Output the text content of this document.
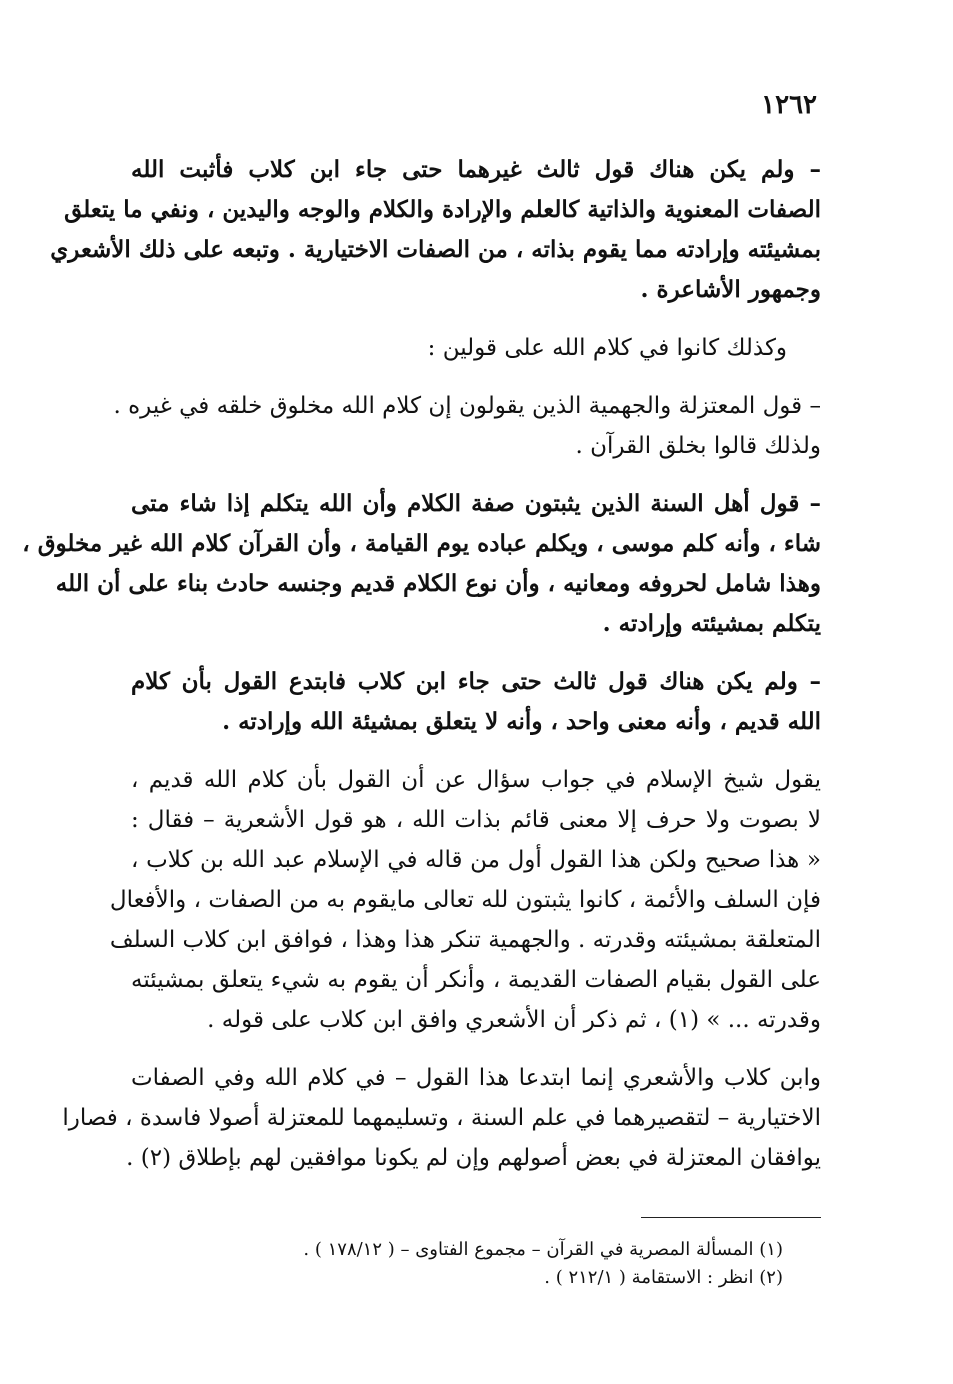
١٢٦٢
– ولم يكن هناك قول ثالث غيرهما حتى جاء ابن كلاب فأثبت الله
الصفات المعنوية والذاتية كالعلم والإرادة والكلام والوجه واليدين ، ونفي ما يتعلق
بمشيئته وإرادته مما يقوم بذاته ، من الصفات الاختيارية . وتبعه على ذلك الأشعري
وجمهور الأشاعرة .
وكذلك كانوا في كلام الله على قولين :
– قول المعتزلة والجهمية الذين يقولون إن كلام الله مخلوق خلقه في غيره .
ولذلك قالوا بخلق القرآن .
– قول أهل السنة الذين يثبتون صفة الكلام وأن الله يتكلم إذا شاء متى
شاء ، وأنه كلم موسى ، ويكلم عباده يوم القيامة ، وأن القرآن كلام الله غير مخلوق ،
وهذا شامل لحروفه ومعانيه ، وأن نوع الكلام قديم وجنسه حادث بناء على أن الله
يتكلم بمشيئته وإرادته .
– ولم يكن هناك قول ثالث حتى جاء ابن كلاب فابتدع القول بأن كلام
الله قديم ، وأنه معنى واحد ، وأنه لا يتعلق بمشيئة الله وإرادته .
يقول شيخ الإسلام في جواب سؤال عن أن القول بأن كلام الله قديم ،
لا بصوت ولا حرف إلا معنى قائم بذات الله ، هو قول الأشعرية – فقال :
« هذا صحيح ولكن هذا القول أول من قاله في الإسلام عبد الله بن كلاب ،
فإن السلف والأئمة ، كانوا يثبتون لله تعالى مايقوم به من الصفات ، والأفعال
المتعلقة بمشيئته وقدرته . والجهمية تنكر هذا وهذا ، فوافق ابن كلاب السلف
على القول بقيام الصفات القديمة ، وأنكر أن يقوم به شيء يتعلق بمشيئته
وقدرته ... » (١) ، ثم ذكر أن الأشعري وافق ابن كلاب على قوله .
وابن كلاب والأشعري إنما ابتدعا هذا القول – في كلام الله وفي الصفات
الاختيارية – لتقصيرهما في علم السنة ، وتسليمهما للمعتزلة أصولا فاسدة ، فصارا
يوافقان المعتزلة في بعض أصولهم وإن لم يكونا موافقين لهم بإطلاق (٢) .
(١) المسألة المصرية في القرآن – مجموع الفتاوى – ( ١٧٨/١٢ ) .
(٢) انظر : الاستقامة ( ٢١٢/١ ) .
